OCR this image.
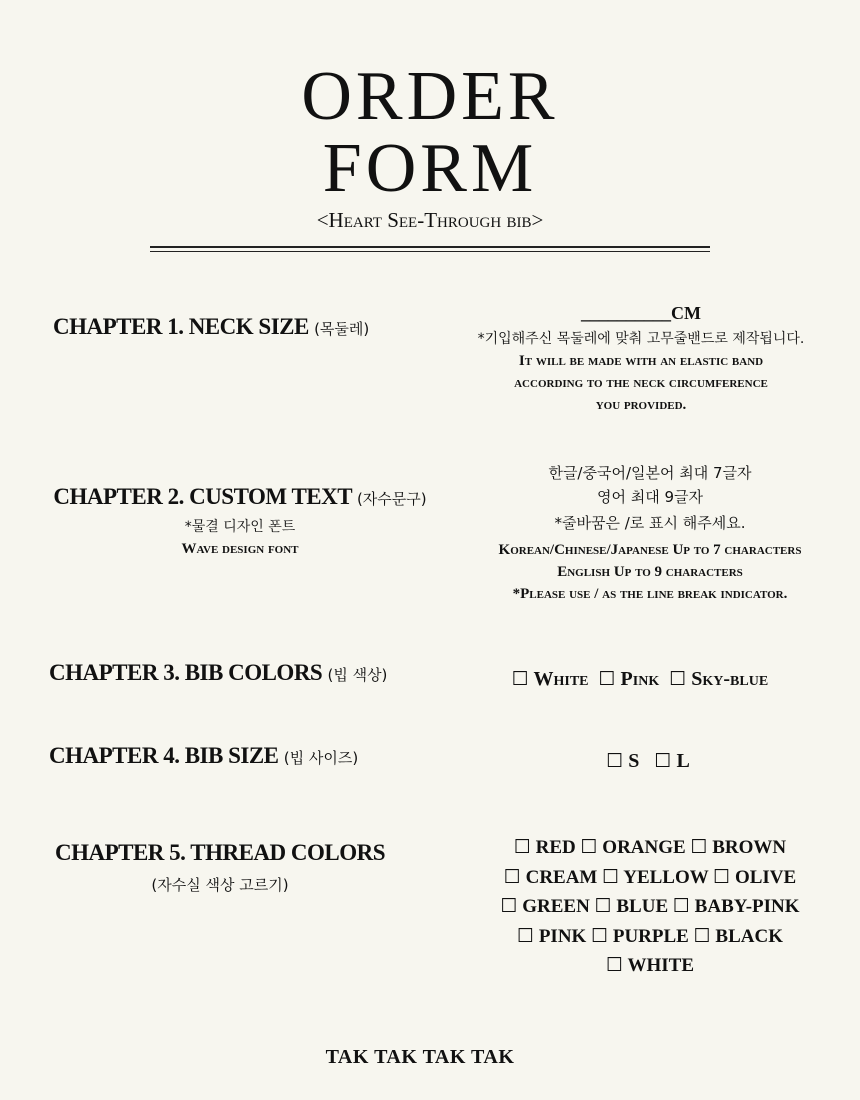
ORDER
FORM
<Heart See-Through bib>
CHAPTER 1. NECK SIZE (목둘레)
__________CM
*기입해주신 목둘레에 맞춰 고무줄밴드로 제작됩니다.
It will be made with an elastic band
according to the neck circumference
you provided.
CHAPTER 2. CUSTOM TEXT (자수문구)
*물결 디자인 폰트
Wave design font
한글/중국어/일본어 최대 7글자
영어 최대 9글자
*줄바꿈은 /로 표시 해주세요.
Korean/Chinese/Japanese Up to 7 characters
English Up to 9 characters
*Please use / as the line break indicator.
CHAPTER 3. BIB COLORS (빕 색상)	☐ White ☐ Pink ☐ Sky-blue
CHAPTER 4. BIB SIZE (빕 사이즈)	☐ S ☐ L
CHAPTER 5. THREAD COLORS
(자수실 색상 고르기)
☐ RED ☐ ORANGE ☐ BROWN
☐ CREAM ☐ YELLOW ☐ OLIVE
☐ GREEN ☐ BLUE ☐ BABY-PINK
☐ PINK ☐ PURPLE ☐ BLACK
☐ WHITE
TAK TAK TAK TAK
